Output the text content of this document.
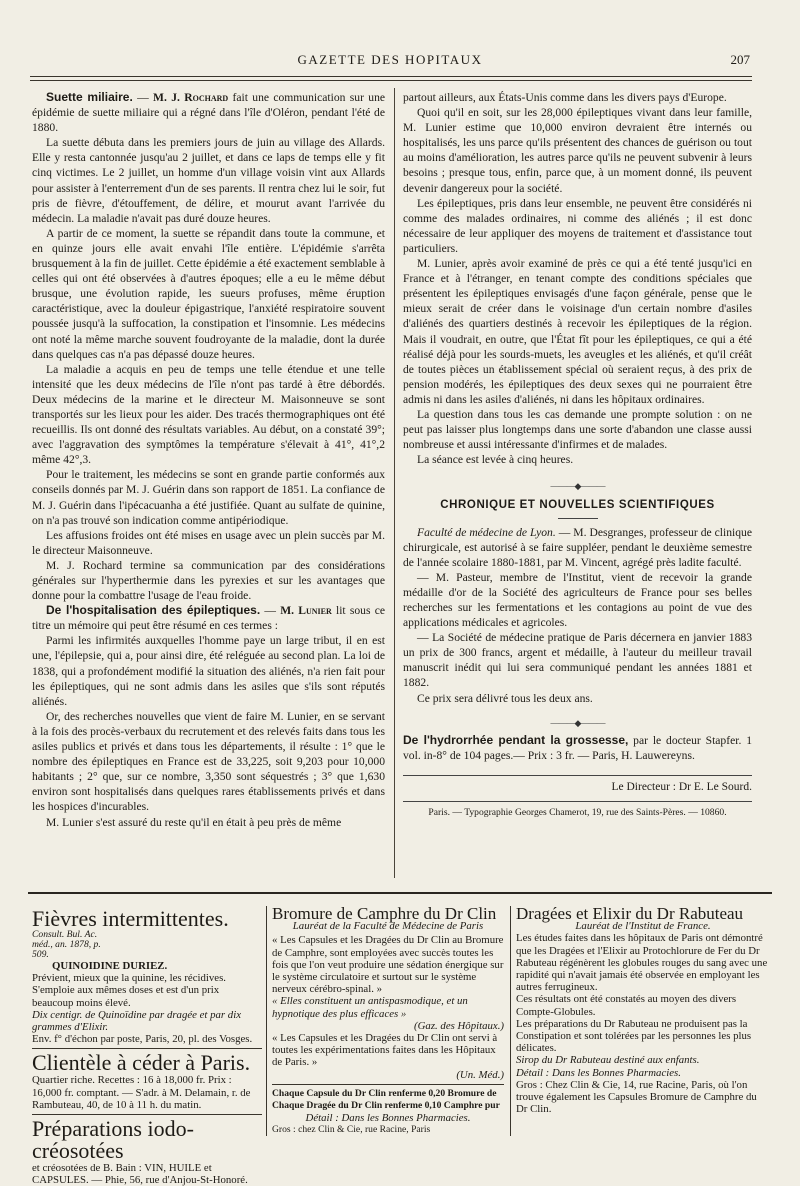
GAZETTE DES HOPITAUX	207

Suette miliaire. — M. J. Rochard fait une communication sur une épidémie de suette miliaire qui a régné dans l'île d'Oléron, pendant l'été de 1880.

La suette débuta dans les premiers jours de juin au village des Allards. Elle y resta cantonnée jusqu'au 2 juillet, et dans ce laps de temps elle y fit cinq victimes. Le 2 juillet, un homme d'un village voisin vint aux Allards pour assister à l'enterrement d'un de ses parents. Il rentra chez lui le soir, fut pris de fièvre, d'étouffement, de délire, et mourut avant l'arrivée du médecin. La maladie n'avait pas duré douze heures.

A partir de ce moment, la suette se répandit dans toute la commune, et en quinze jours elle avait envahi l'île entière. L'épidémie s'arrêta brusquement à la fin de juillet. Cette épidémie a été exactement semblable à celles qui ont été observées à d'autres époques; elle a eu le même début brusque, une évolution rapide, les sueurs profuses, même éruption caractéristique, avec la douleur épigastrique, l'anxiété respiratoire souvent poussée jusqu'à la suffocation, la constipation et l'insomnie. Les médecins ont noté la même marche souvent foudroyante de la maladie, dont la durée dans quelques cas n'a pas dépassé douze heures.

La maladie a acquis en peu de temps une telle étendue et une telle intensité que les deux médecins de l'île n'ont pas tardé à être débordés. Deux médecins de la marine et le directeur M. Maisonneuve se sont transportés sur les lieux pour les aider. Des tracés thermographiques ont été recueillis. Ils ont donné des résultats variables. Au début, on a constaté 39°; avec l'aggravation des symptômes la température s'élevait à 41°, 41°,2 même 42°,3.

Pour le traitement, les médecins se sont en grande partie conformés aux conseils donnés par M. J. Guérin dans son rapport de 1851. La confiance de M. J. Guérin dans l'ipécacuanha a été justifiée. Quant au sulfate de quinine, on n'a pas trouvé son indication comme antipériodique.

Les affusions froides ont été mises en usage avec un plein succès par M. le directeur Maisonneuve.

M. J. Rochard termine sa communication par des considérations générales sur l'hyperthermie dans les pyrexies et sur les avantages que donne pour la combattre l'usage de l'eau froide.

De l'hospitalisation des épileptiques. — M. Lunier lit sous ce titre un mémoire qui peut être résumé en ces termes :

Parmi les infirmités auxquelles l'homme paye un large tribut, il en est une, l'épilepsie, qui a, pour ainsi dire, été reléguée au second plan. La loi de 1838, qui a profondément modifié la situation des aliénés, n'a rien fait pour les épileptiques, qui ne sont admis dans les asiles que s'ils sont réputés aliénés.

Or, des recherches nouvelles que vient de faire M. Lunier, en se servant à la fois des procès-verbaux du recrutement et des relevés faits dans tous les asiles publics et privés et dans tous les départements, il résulte : 1° que le nombre des épileptiques en France est de 33,225, soit 9,203 pour 10,000 habitants ; 2° que, sur ce nombre, 3,350 sont séquestrés ; 3° que 1,630 environ sont hospitalisés dans quelques rares établissements privés et dans les hospices d'incurables.

M. Lunier s'est assuré du reste qu'il en était à peu près de même

partout ailleurs, aux États-Unis comme dans les divers pays d'Europe.

Quoi qu'il en soit, sur les 28,000 épileptiques vivant dans leur famille, M. Lunier estime que 10,000 environ devraient être internés ou hospitalisés, les uns parce qu'ils présentent des chances de guérison ou tout au moins d'amélioration, les autres parce qu'ils ne peuvent subvenir à leurs besoins ; presque tous, enfin, parce que, à un moment donné, ils peuvent devenir dangereux pour la société.

Les épileptiques, pris dans leur ensemble, ne peuvent être considérés ni comme des malades ordinaires, ni comme des aliénés ; il est donc nécessaire de leur appliquer des moyens de traitement et d'assistance tout particuliers.

M. Lunier, après avoir examiné de près ce qui a été tenté jusqu'ici en France et à l'étranger, en tenant compte des conditions spéciales que présentent les épileptiques envisagés d'une façon générale, pense que le mieux serait de créer dans le voisinage d'un certain nombre d'asiles d'aliénés des quartiers destinés à recevoir les épileptiques de la région. Mais il voudrait, en outre, que l'État fît pour les épileptiques, ce qui a été réalisé déjà pour les sourds-muets, les aveugles et les aliénés, et qu'il créât de toutes pièces un établissement spécial où seraient reçus, à des prix de pension modérés, les épileptiques des deux sexes qui ne pourraient être admis ni dans les asiles d'aliénés, ni dans les hôpitaux ordinaires.

La question dans tous les cas demande une prompte solution : on ne peut pas laisser plus longtemps dans une sorte d'abandon une classe aussi nombreuse et aussi intéressante d'infirmes et de malades.

La séance est levée à cinq heures.

———◆———
CHRONIQUE ET NOUVELLES SCIENTIFIQUES

Faculté de médecine de Lyon. — M. Desgranges, professeur de clinique chirurgicale, est autorisé à se faire suppléer, pendant le deuxième semestre de l'année scolaire 1880-1881, par M. Vincent, agrégé près ladite faculté.

— M. Pasteur, membre de l'Institut, vient de recevoir la grande médaille d'or de la Société des agriculteurs de France pour ses belles recherches sur les fermentations et les contagions au point de vue des applications médicales et agricoles.

— La Société de médecine pratique de Paris décernera en janvier 1883 un prix de 300 francs, argent et médaille, à l'auteur du meilleur travail manuscrit inédit qui lui sera communiqué pendant les années 1881 et 1882.

Ce prix sera délivré tous les deux ans.

———◆———

De l'hydrorrhée pendant la grossesse, par le docteur Stapfer. 1 vol. in-8° de 104 pages.— Prix : 3 fr. — Paris, H. Lauwereyns.

Le Directeur : Dr E. Le Sourd.
Paris. — Typographie Georges Chamerot, 19, rue des Saints-Pères. — 10860.
Fièvres intermittentes. Consult. Bul. Ac. méd., an. 1878, p. 509.
QUINOIDINE DURIEZ.
Prévient, mieux que la quinine, les récidives. S'emploie aux mêmes doses et est d'un prix beaucoup moins élevé.
Dix centigr. de Quinoïdine par dragée et par dix grammes d'Elixir.
Env. f° d'échon par poste, Paris, 20, pl. des Vosges.
Clientèle à céder à Paris.
Quartier riche. Recettes : 16 à 18,000 fr. Prix : 16,000 fr. comptant. — S'adr. à M. Delamain, r. de Rambuteau, 40, de 10 à 11 h. du matin.
Préparations iodo-créosotées
et créosotées de B. Bain : VIN, HUILE et CAPSULES. — Phie, 56, rue d'Anjou-St-Honoré.
Bromure de Camphre du Dr Clin
Lauréat de la Faculté de Médecine de Paris
« Les Capsules et les Dragées du Dr Clin au Bromure de Camphre, sont employées avec succès toutes les fois que l'on veut produire une sédation énergique sur le système circulatoire et surtout sur le système nerveux cérébro-spinal. »
« Elles constituent un antispasmodique, et un hypnotique des plus efficaces »
(Gaz. des Hôpitaux.)
« Les Capsules et les Dragées du Dr Clin ont servi à toutes les expérimentations faites dans les Hôpitaux de Paris. »
(Un. Méd.)
Chaque Capsule du Dr Clin renferme 0,20 Bromure de
Chaque Dragée du Dr Clin renferme 0,10 Camphre pur
Détail : Dans les Bonnes Pharmacies.
Gros : chez Clin & Cie, rue Racine, Paris
Dragées et Elixir du Dr Rabuteau
Lauréat de l'Institut de France.
Les études faites dans les hôpitaux de Paris ont démontré que les Dragées et l'Elixir au Protochlorure de Fer du Dr Rabuteau régénèrent les globules rouges du sang avec une rapidité qui n'avait jamais été observée en employant les autres ferrugineux.
Ces résultats ont été constatés au moyen des divers Compte-Globules.
Les préparations du Dr Rabuteau ne produisent pas la Constipation et sont tolérées par les personnes les plus délicates.
Sirop du Dr Rabuteau destiné aux enfants.
Détail : Dans les Bonnes Pharmacies.
Gros : Chez Clin & Cie, 14, rue Racine, Paris, où l'on trouve également les Capsules Bromure de Camphre du Dr Clin.
